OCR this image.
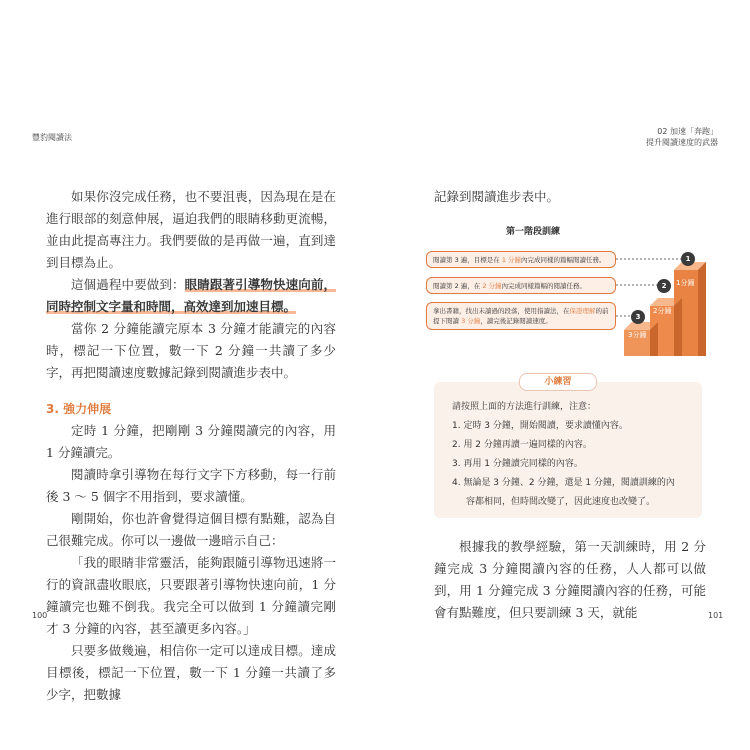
豐豹閱讀法
02 加速「奔跑」
提升閱讀速度的武器

如果你沒完成任務，也不要沮喪，因為現在是在進行眼部的刻意伸展，逼迫我們的眼睛移動更流暢，並由此提高專注力。我們要做的是再做一遍，直到達到目標為止。

這個過程中要做到：眼睛跟著引導物快速向前，同時控制文字量和時間，高效達到加速目標。

當你 2 分鐘能讀完原本 3 分鐘才能讀完的內容時，標記一下位置，數一下 2 分鐘一共讀了多少字，再把閱讀速度數據記錄到閱讀進步表中。

3. 強力伸展

定時 1 分鐘，把剛剛 3 分鐘閱讀完的內容，用 1 分鐘讀完。

閱讀時拿引導物在每行文字下方移動，每一行前後 3 ～ 5 個字不用指到，要求讀懂。

剛開始，你也許會覺得這個目標有點難，認為自己很難完成。你可以一邊做一邊暗示自己：

「我的眼睛非常靈活，能夠跟隨引導物迅速將一行的資訊盡收眼底，只要跟著引導物快速向前，1 分鐘讀完也難不倒我。我完全可以做到 1 分鐘讀完剛才 3 分鐘的內容，甚至讀更多內容。」

只要多做幾遍，相信你一定可以達成目標。達成目標後，標記一下位置，數一下 1 分鐘一共讀了多少字，把數據

100
記錄到閱讀進步表中。
第一階段訓練
1分鐘
2分鐘
3分鐘
1
2
3
閱讀第 3 遍，目標是在 1 分鐘內完成同樣的篇幅閱讀任務。
閱讀第 2 遍，在 2 分鐘內完成同樣篇幅的閱讀任務。
拿出書籍，找出未讀過的段落，使用指讀法，在保證理解的前提下閱讀 3 分鐘，讀完後記錄閱讀速度。
小練習

請按照上面的方法進行訓練，注意：

1. 定時 3 分鐘，開始閱讀，要求讀懂內容。

2. 用 2 分鐘再讀一遍同樣的內容。

3. 再用 1 分鐘讀完同樣的內容。

4. 無論是 3 分鐘、2 分鐘，還是 1 分鐘，閱讀訓練的內

容都相同，但時間改變了，因此速度也改變了。

根據我的教學經驗，第一天訓練時，用 2 分鐘完成 3 分鐘閱讀內容的任務，人人都可以做到，用 1 分鐘完成 3 分鐘閱讀內容的任務，可能會有點難度，但只要訓練 3 天，就能	101
